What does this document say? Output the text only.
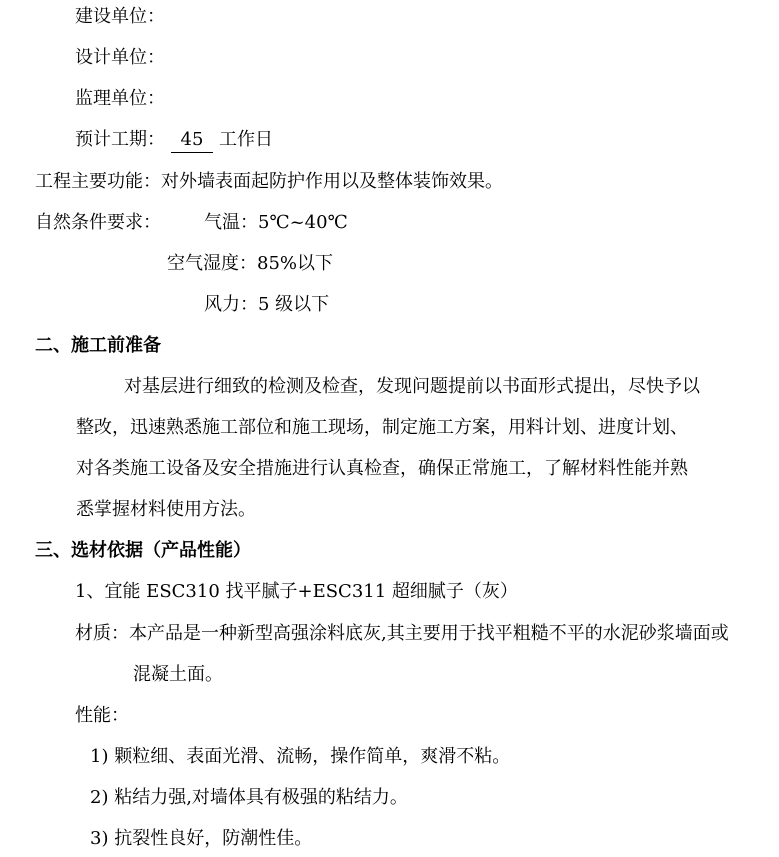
建设单位：
设计单位：
监理单位：
预计工期： 45 工作日
工程主要功能：对外墙表面起防护作用以及整体装饰效果。
自然条件要求： 气温：5℃~40℃
空气湿度：85%以下
风力：5 级以下
二、施工前准备
对基层进行细致的检测及检查，发现问题提前以书面形式提出，尽快予以
整改，迅速熟悉施工部位和施工现场，制定施工方案，用料计划、进度计划、
对各类施工设备及安全措施进行认真检查，确保正常施工，了解材料性能并熟
悉掌握材料使用方法。
三、选材依据（产品性能）
1、宜能 ESC310 找平腻子+ESC311 超细腻子（灰）
材质：本产品是一种新型高强涂料底灰,其主要用于找平粗糙不平的水泥砂浆墙面或
混凝土面。
性能：
1) 颗粒细、表面光滑、流畅，操作简单，爽滑不粘。
2) 粘结力强,对墙体具有极强的粘结力。
3) 抗裂性良好，防潮性佳。
